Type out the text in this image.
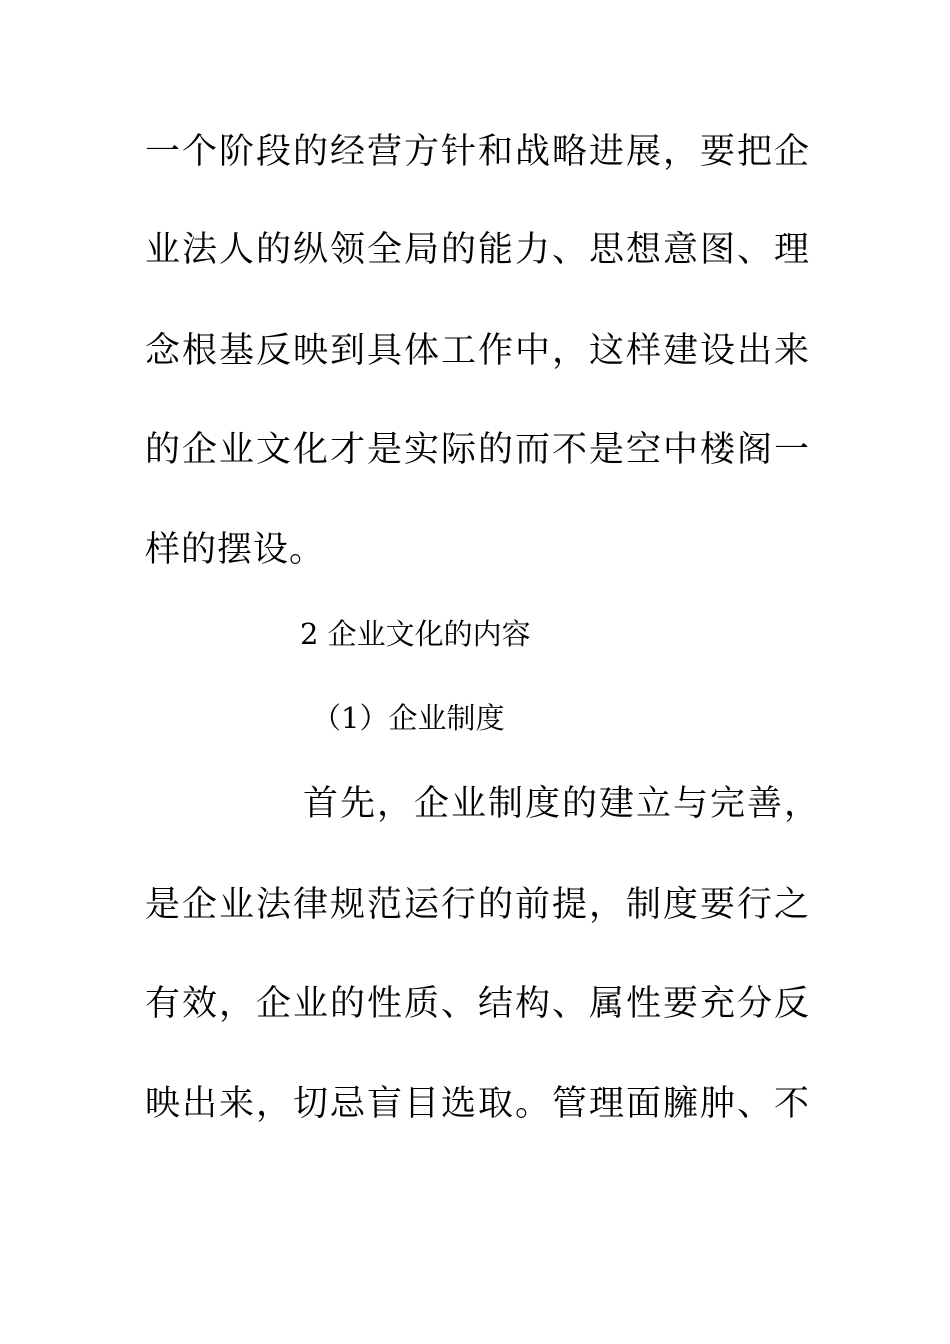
一个阶段的经营方针和战略进展，要把企
业法人的纵领全局的能力、思想意图、理
念根基反映到具体工作中，这样建设出来
的企业文化才是实际的而不是空中楼阁一
样的摆设。
2 企业文化的内容
（1）企业制度
首先，企业制度的建立与完善，
是企业法律规范运行的前提，制度要行之
有效，企业的性质、结构、属性要充分反
映出来，切忌盲目选取。管理面臃肿、不
